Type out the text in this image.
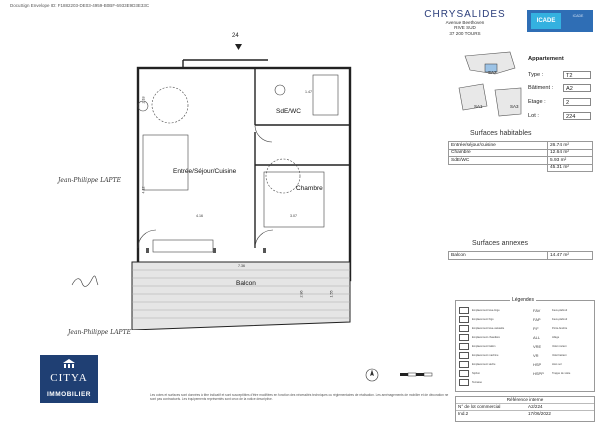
DocuSign Envelope ID: F1882203-DE03-4959-B0BF-6933E9D3E33C
24
Entrée/Séjour/Cuisine
Chambre
SdE/WC
Balcon
2.18
4.12
4.16	3.07
1.47
2.86	1.55
7.36
Jean-Philippe LAPTE
Jean-Philippe LAPTE
CHRYSALIDES
Avenue Beethoven
RIVE SUD
37 200 TOURS
ICADE
ICADE
SA2
SA1	SA3
Appartement
Type :	T2
Bâtiment :	A2
Etage :	2
Lot :	224
Surfaces habitables
Entrée/séjour/cuisine	26.74 m²
Chambre	12.64 m²
SdE/WC	5.93 m²
	45.31 m²
Surfaces annexes
Balcon	14.47 m²
Légendes
Emplacement lave-linge
Emplacement frigo
Emplacement lave-vaisselle
Emplacement chaudière
Emplacement ballon
Emplacement machine
Emplacement sèche
Siphon
Terrasse
FAV	Faux-plafond
FAP	Faux-plafond
P.F	Porte-fenêtre
ALL	Allège
VRE	Volet roulant
VR	Volet battant
HSP	Hors sol
HSPP	Trappe de visite
Référence interne
N° de lot commercial	A2/224
Ind.2	17/06/2022
CITYA
IMMOBILIER	Les cotes et surfaces sont données à titre indicatif et sont susceptibles d'être modifiées en fonction des nécessités techniques ou réglementaires de réalisation. Les aménagements de mobilier et de décoration ne sont pas contractuels. Les équipements représentés sont ceux de la notice descriptive.
